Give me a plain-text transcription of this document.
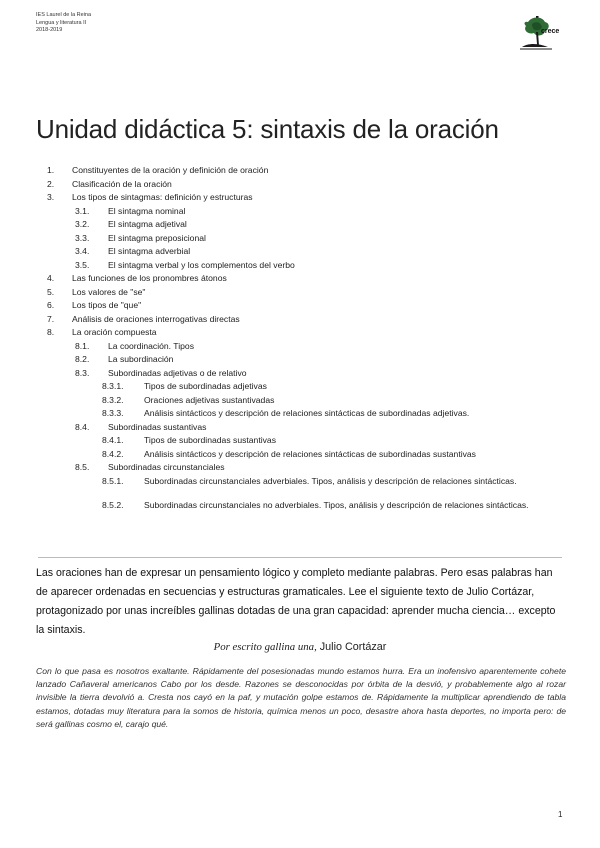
IES Laurel de la Reina
Lengua y literatura II
2018-2019	crece
Unidad didáctica 5: sintaxis de la oración
1. Constituyentes de la oración y definición de oración
2. Clasificación de la oración
3. Los tipos de sintagmas: definición y estructuras
3.1. El sintagma nominal
3.2. El sintagma adjetival
3.3. El sintagma preposicional
3.4. El sintagma adverbial
3.5. El sintagma verbal y los complementos del verbo
4. Las funciones de los pronombres átonos
5. Los valores de "se"
6. Los tipos de "que"
7. Análisis de oraciones interrogativas directas
8. La oración compuesta
8.1. La coordinación. Tipos
8.2. La subordinación
8.3. Subordinadas adjetivas o de relativo
8.3.1. Tipos de subordinadas adjetivas
8.3.2. Oraciones adjetivas sustantivadas
8.3.3. Análisis sintácticos y descripción de relaciones sintácticas de subordinadas adjetivas.
8.4. Subordinadas sustantivas
8.4.1. Tipos de subordinadas sustantivas
8.4.2. Análisis sintácticos y descripción de relaciones sintácticas de subordinadas sustantivas
8.5. Subordinadas circunstanciales
8.5.1. Subordinadas circunstanciales adverbiales. Tipos, análisis y descripción de relaciones sintácticas.
8.5.2. Subordinadas circunstanciales no adverbiales. Tipos, análisis y descripción de relaciones sintácticas.

Las oraciones han de expresar un pensamiento lógico y completo mediante palabras. Pero esas palabras han de aparecer ordenadas en secuencias y estructuras gramaticales. Lee el siguiente texto de Julio Cortázar, protagonizado por unas increíbles gallinas dotadas de una gran capacidad: aprender mucha ciencia… excepto la sintaxis.

Por escrito gallina una, Julio Cortázar

Con lo que pasa es nosotros exaltante. Rápidamente del posesionadas mundo estamos hurra. Era un inofensivo aparentemente cohete lanzado Cañaveral americanos Cabo por los desde. Razones se desconocidas por órbita de la desvió, y probablemente algo al rozar invisible la tierra devolvió a. Cresta nos cayó en la paf, y mutación golpe estamos de. Rápidamente la multiplicar aprendiendo de tabla estamos, dotadas muy literatura para la somos de historia, química menos un poco, desastre ahora hasta deportes, no importa pero: de será gallinas cosmo el, carajo qué.

1
